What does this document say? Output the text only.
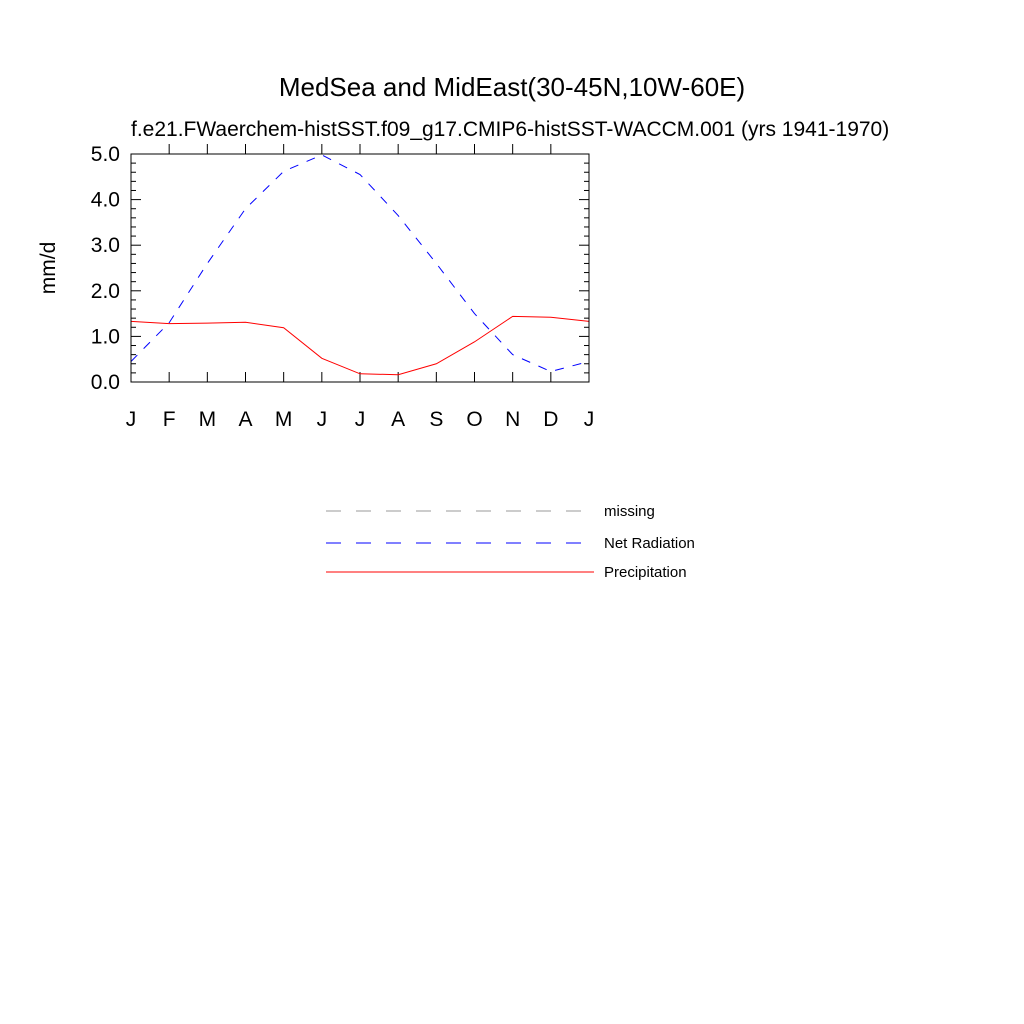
MedSea and MidEast(30-45N,10W-60E)
f.e21.FWaerchem-histSST.f09_g17.CMIP6-histSST-WACCM.001 (yrs 1941-1970)
mm/d
J F M A M J J A S O N D J
0.0
1.0
2.0
3.0
4.0
5.0
missing
Net Radiation
Precipitation
